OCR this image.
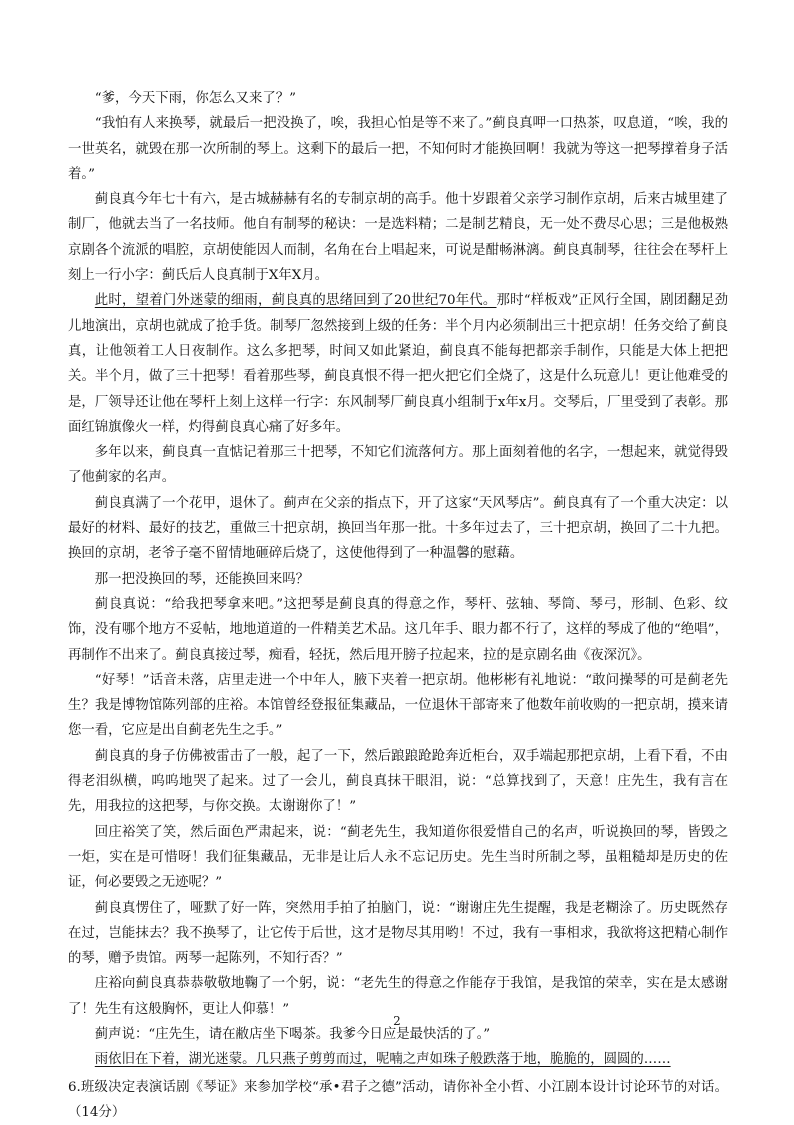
“爹，今天下雨，你怎么又来了？”

“我怕有人来换琴，就最后一把没换了，唉，我担心怕是等不来了。”蓟良真呷一口热茶，叹息道，“唉，我的一世英名，就毁在那一次所制的琴上。这剩下的最后一把，不知何时才能换回啊！我就为等这一把琴撑着身子活着。”

蓟良真今年七十有六，是古城赫赫有名的专制京胡的高手。他十岁跟着父亲学习制作京胡，后来古城里建了制厂，他就去当了一名技师。他自有制琴的秘诀：一是选料精；二是制艺精良，无一处不费尽心思；三是他极熟京剧各个流派的唱腔，京胡使能因人而制，名角在台上唱起来，可说是酣畅淋漓。蓟良真制琴，往往会在琴杆上刻上一行小字：蓟氏后人良真制于X年X月。

此时，望着门外迷蒙的细雨，蓟良真的思绪回到了20世纪70年代。那时“样板戏”正风行全国，剧团翻足劲儿地演出，京胡也就成了抢手货。制琴厂忽然接到上级的任务：半个月内必须制出三十把京胡！任务交给了蓟良真，让他领着工人日夜制作。这么多把琴，时间又如此紧迫，蓟良真不能每把都亲手制作，只能是大体上把把关。半个月，做了三十把琴！看着那些琴，蓟良真恨不得一把火把它们全烧了，这是什么玩意儿！更让他难受的是，厂领导还让他在琴杆上刻上这样一行字：东风制琴厂蓟良真小组制于x年x月。交琴后，厂里受到了表彰。那面红锦旗像火一样，灼得蓟良真心痛了好多年。

多年以来，蓟良真一直惦记着那三十把琴，不知它们流落何方。那上面刻着他的名字，一想起来，就觉得毁了他蓟家的名声。

蓟良真满了一个花甲，退休了。蓟声在父亲的指点下，开了这家“天风琴店”。蓟良真有了一个重大决定：以最好的材料、最好的技艺，重做三十把京胡，换回当年那一批。十多年过去了，三十把京胡，换回了二十九把。换回的京胡，老爷子毫不留情地砸碎后烧了，这使他得到了一种温馨的慰藉。

那一把没换回的琴，还能换回来吗？

蓟良真说：“给我把琴拿来吧。”这把琴是蓟良真的得意之作，琴杆、弦轴、琴筒、琴弓，形制、色彩、纹饰，没有哪个地方不妥帖，地地道道的一件精美艺术品。这几年手、眼力都不行了，这样的琴成了他的“绝唱”，再制作不出来了。蓟良真接过琴，痴看，轻抚，然后甩开膀子拉起来，拉的是京剧名曲《夜深沉》。

“好琴！”话音未落，店里走进一个中年人，腋下夹着一把京胡。他彬彬有礼地说：“敢问操琴的可是蓟老先生？我是博物馆陈列部的庄裕。本馆曾经登报征集藏品，一位退休干部寄来了他数年前收购的一把京胡，摸来请您一看，它应是出自蓟老先生之手。”

蓟良真的身子仿佛被雷击了一般，起了一下，然后踉踉跄跄奔近柜台，双手端起那把京胡，上看下看，不由得老泪纵横，呜呜地哭了起来。过了一会儿，蓟良真抹干眼泪，说：“总算找到了，天意！庄先生，我有言在先，用我拉的这把琴，与你交换。太谢谢你了！”

回庄裕笑了笑，然后面色严肃起来，说：“蓟老先生，我知道你很爱惜自己的名声，听说换回的琴，皆毁之一炬，实在是可惜呀！我们征集藏品，无非是让后人永不忘记历史。先生当时所制之琴，虽粗糙却是历史的佐证，何必要毁之无迹呢？”

蓟良真愣住了，哑默了好一阵，突然用手拍了拍脑门，说：“谢谢庄先生提醒，我是老糊涂了。历史既然存在过，岂能抹去？我不换琴了，让它传于后世，这才是物尽其用哟！不过，我有一事相求，我欲将这把精心制作的琴，赠予贵馆。两琴一起陈列，不知行否？”

庄裕向蓟良真恭恭敬敬地鞠了一个躬，说：“老先生的得意之作能存于我馆，是我馆的荣幸，实在是太感谢了！先生有这般胸怀，更让人仰慕！”

蓟声说：“庄先生，请在敝店坐下喝茶。我爹今日应是最快活的了。”

雨依旧在下着，湖光迷蒙。几只燕子剪剪而过，呢喃之声如珠子般跌落于地，脆脆的，圆圆的……

6.班级决定表演话剧《琴证》来参加学校“承•君子之德”活动，请你补全小哲、小江剧本设计讨论环节的对话。（14分）

2
